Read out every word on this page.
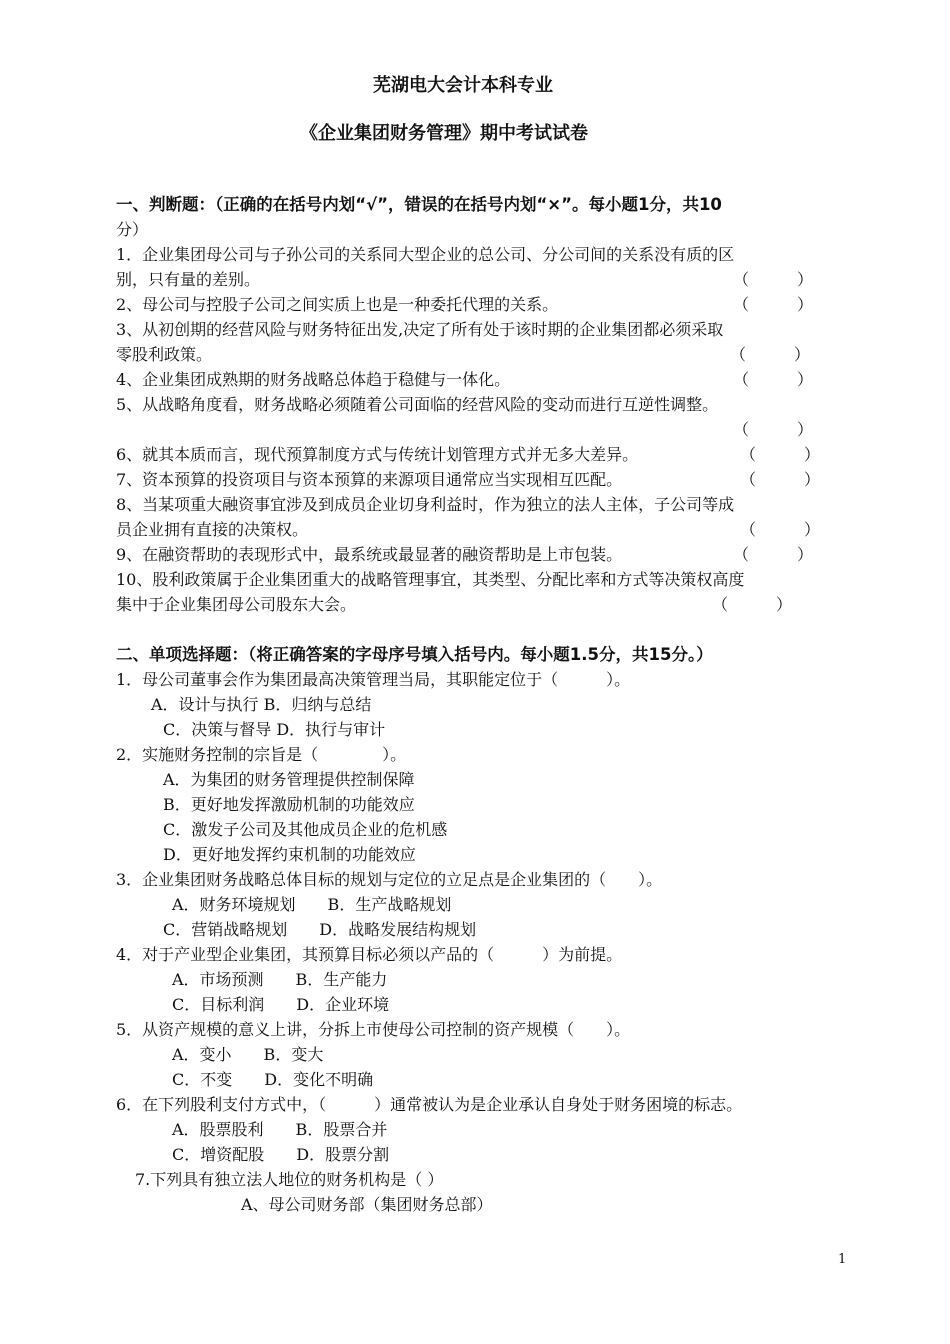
芜湖电大会计本科专业
《企业集团财务管理》期中考试试卷
一、判断题：（正确的在括号内划“√”，错误的在括号内划“×”。每小题1分，共10
分）
1．企业集团母公司与子孙公司的关系同大型企业的总公司、分公司间的关系没有质的区
别，只有量的差别。	（　　　）
2、母公司与控股子公司之间实质上也是一种委托代理的关系。	（　　　）
3、从初创期的经营风险与财务特征出发,决定了所有处于该时期的企业集团都必须采取
零股利政策。	（　　　）
4、企业集团成熟期的财务战略总体趋于稳健与一体化。	（　　　）
5、从战略角度看，财务战略必须随着公司面临的经营风险的变动而进行互逆性调整。
（　　　）
6、就其本质而言，现代预算制度方式与传统计划管理方式并无多大差异。	（　　　）
7、资本预算的投资项目与资本预算的来源项目通常应当实现相互匹配。	（　　　）
8、当某项重大融资事宜涉及到成员企业切身利益时，作为独立的法人主体，子公司等成
员企业拥有直接的决策权。	（　　　）
9、在融资帮助的表现形式中，最系统或最显著的融资帮助是上市包装。	（　　　）
10、股利政策属于企业集团重大的战略管理事宜，其类型、分配比率和方式等决策权高度
集中于企业集团母公司股东大会。	（　　　）
二、单项选择题：（将正确答案的字母序号填入括号内。每小题1.5分，共15分。）
1．母公司董事会作为集团最高决策管理当局，其职能定位于（　　　）。
A．设计与执行 B．归纳与总结
C．决策与督导 D．执行与审计
2．实施财务控制的宗旨是（　　　　）。
A．为集团的财务管理提供控制保障
B．更好地发挥激励机制的功能效应
C．激发子公司及其他成员企业的危机感
D．更好地发挥约束机制的功能效应
3．企业集团财务战略总体目标的规划与定位的立足点是企业集团的（　　）。
A．财务环境规划　　B．生产战略规划
C．营销战略规划　　D．战略发展结构规划
4．对于产业型企业集团，其预算目标必须以产品的（　　　）为前提。
A．市场预测　　B．生产能力
C．目标利润　　D．企业环境
5．从资产规模的意义上讲，分拆上市使母公司控制的资产规模（　　）。
A．变小　　B．变大
C．不变　　D．变化不明确
6．在下列股利支付方式中，（　　　）通常被认为是企业承认自身处于财务困境的标志。
A．股票股利　　B．股票合并
C．增资配股　　D．股票分割
7.下列具有独立法人地位的财务机构是（ ）
A、母公司财务部（集团财务总部）
1
